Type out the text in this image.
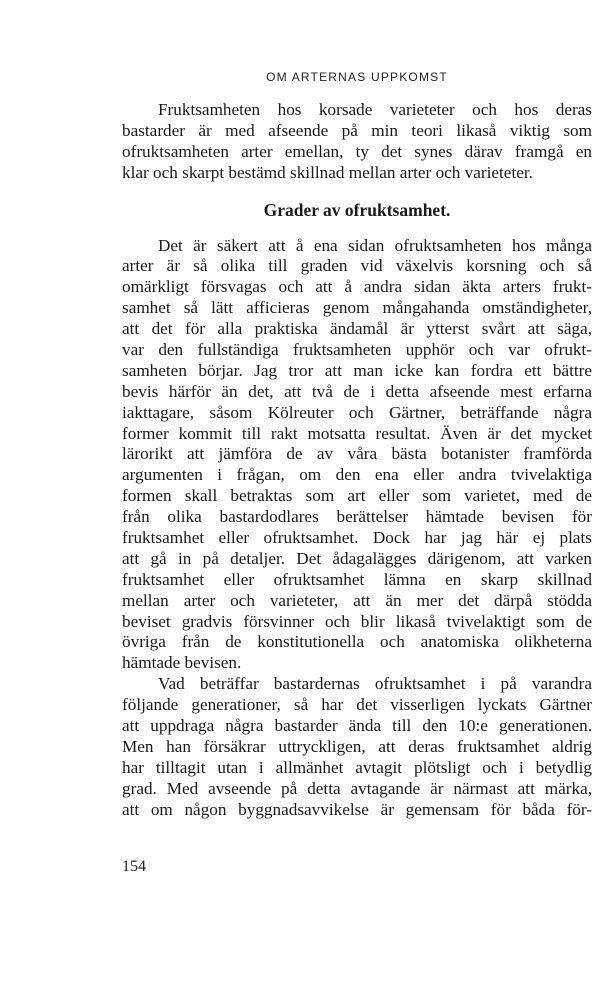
OM ARTERNAS UPPKOMST
Fruktsamheten hos korsade varieteter och hos deras
bastarder är med afseende på min teori likaså viktig som
ofruktsamheten arter emellan, ty det synes därav framgå en
klar och skarpt bestämd skillnad mellan arter och varieteter.
Grader av ofruktsamhet.
Det är säkert att å ena sidan ofruktsamheten hos många
arter är så olika till graden vid växelvis korsning och så
omärkligt försvagas och att å andra sidan äkta arters frukt-
samhet så lätt afficieras genom mångahanda omständigheter,
att det för alla praktiska ändamål är ytterst svårt att säga,
var den fullständiga fruktsamheten upphör och var ofrukt-
samheten börjar. Jag tror att man icke kan fordra ett bättre
bevis härför än det, att två de i detta afseende mest erfarna
iakttagare, såsom Kölreuter och Gärtner, beträffande några
former kommit till rakt motsatta resultat. Även är det mycket
lärorikt att jämföra de av våra bästa botanister framförda
argumenten i frågan, om den ena eller andra tvivelaktiga
formen skall betraktas som art eller som varietet, med de
från olika bastardodlares berättelser hämtade bevisen för
fruktsamhet eller ofruktsamhet. Dock har jag här ej plats
att gå in på detaljer. Det ådagalägges därigenom, att varken
fruktsamhet eller ofruktsamhet lämna en skarp skillnad
mellan arter och varieteter, att än mer det därpå stödda
beviset gradvis försvinner och blir likaså tvivelaktigt som de
övriga från de konstitutionella och anatomiska olikheterna
hämtade bevisen.
Vad beträffar bastardernas ofruktsamhet i på varandra
följande generationer, så har det visserligen lyckats Gärtner
att uppdraga några bastarder ända till den 10:e generationen.
Men han försäkrar uttryckligen, att deras fruktsamhet aldrig
har tilltagit utan i allmänhet avtagit plötsligt och i betydlig
grad. Med avseende på detta avtagande är närmast att märka,
att om någon byggnadsavvikelse är gemensam för båda för-
154
